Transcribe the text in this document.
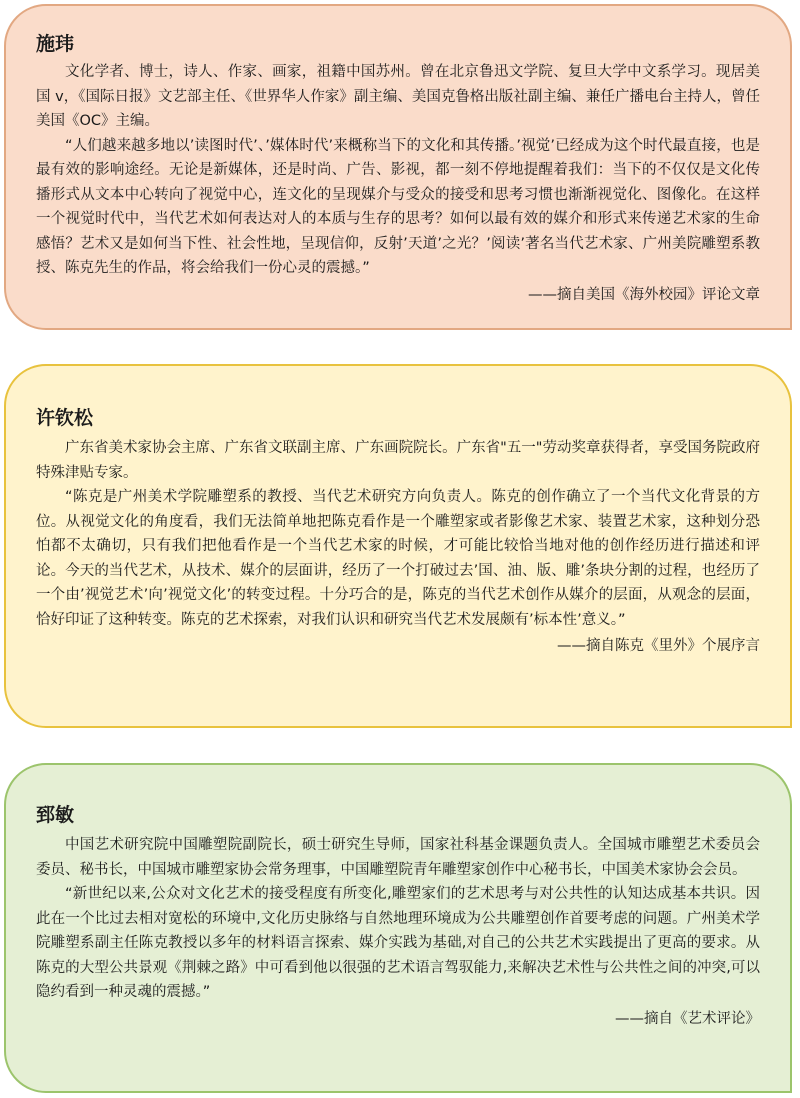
施玮

文化学者、博士，诗人、作家、画家，祖籍中国苏州。曾在北京鲁迅文学院、复旦大学中文系学习。现居美国 v，《国际日报》文艺部主任、《世界华人作家》副主编、美国克鲁格出版社副主编、兼任广播电台主持人，曾任美国《OC》主编。

“人们越来越多地以’读图时代’、’媒体时代’来概称当下的文化和其传播。’视觉’已经成为这个时代最直接，也是最有效的影响途经。无论是新媒体，还是时尚、广告、影视，都一刻不停地提醒着我们：当下的不仅仅是文化传播形式从文本中心转向了视觉中心，连文化的呈现媒介与受众的接受和思考习惯也渐渐视觉化、图像化。在这样一个视觉时代中，当代艺术如何表达对人的本质与生存的思考？如何以最有效的媒介和形式来传递艺术家的生命感悟？艺术又是如何当下性、社会性地，呈现信仰，反射’天道’之光？’阅读’著名当代艺术家、广州美院雕塑系教授、陈克先生的作品，将会给我们一份心灵的震撼。”

——摘自美国《海外校园》评论文章

许钦松

广东省美术家协会主席、广东省文联副主席、广东画院院长。广东省"五一"劳动奖章获得者，享受国务院政府特殊津贴专家。

“陈克是广州美术学院雕塑系的教授、当代艺术研究方向负责人。陈克的创作确立了一个当代文化背景的方位。从视觉文化的角度看，我们无法简单地把陈克看作是一个雕塑家或者影像艺术家、装置艺术家，这种划分恐怕都不太确切，只有我们把他看作是一个当代艺术家的时候，才可能比较恰当地对他的创作经历进行描述和评论。今天的当代艺术，从技术、媒介的层面讲，经历了一个打破过去’国、油、版、雕’条块分割的过程，也经历了一个由’视觉艺术’向’视觉文化’的转变过程。十分巧合的是，陈克的当代艺术创作从媒介的层面，从观念的层面，恰好印证了这种转变。陈克的艺术探索，对我们认识和研究当代艺术发展颇有’标本性’意义。”

——摘自陈克《里外》个展序言

郅敏

中国艺术研究院中国雕塑院副院长，硕士研究生导师，国家社科基金课题负责人。全国城市雕塑艺术委员会委员、秘书长，中国城市雕塑家协会常务理事，中国雕塑院青年雕塑家创作中心秘书长，中国美术家协会会员。

“新世纪以来,公众对文化艺术的接受程度有所变化,雕塑家们的艺术思考与对公共性的认知达成基本共识。因此在一个比过去相对宽松的环境中,文化历史脉络与自然地理环境成为公共雕塑创作首要考虑的问题。广州美术学院雕塑系副主任陈克教授以多年的材料语言探索、媒介实践为基础,对自己的公共艺术实践提出了更高的要求。从陈克的大型公共景观《荆棘之路》中可看到他以很强的艺术语言驾驭能力,来解决艺术性与公共性之间的冲突,可以隐约看到一种灵魂的震撼。”

——摘自《艺术评论》
